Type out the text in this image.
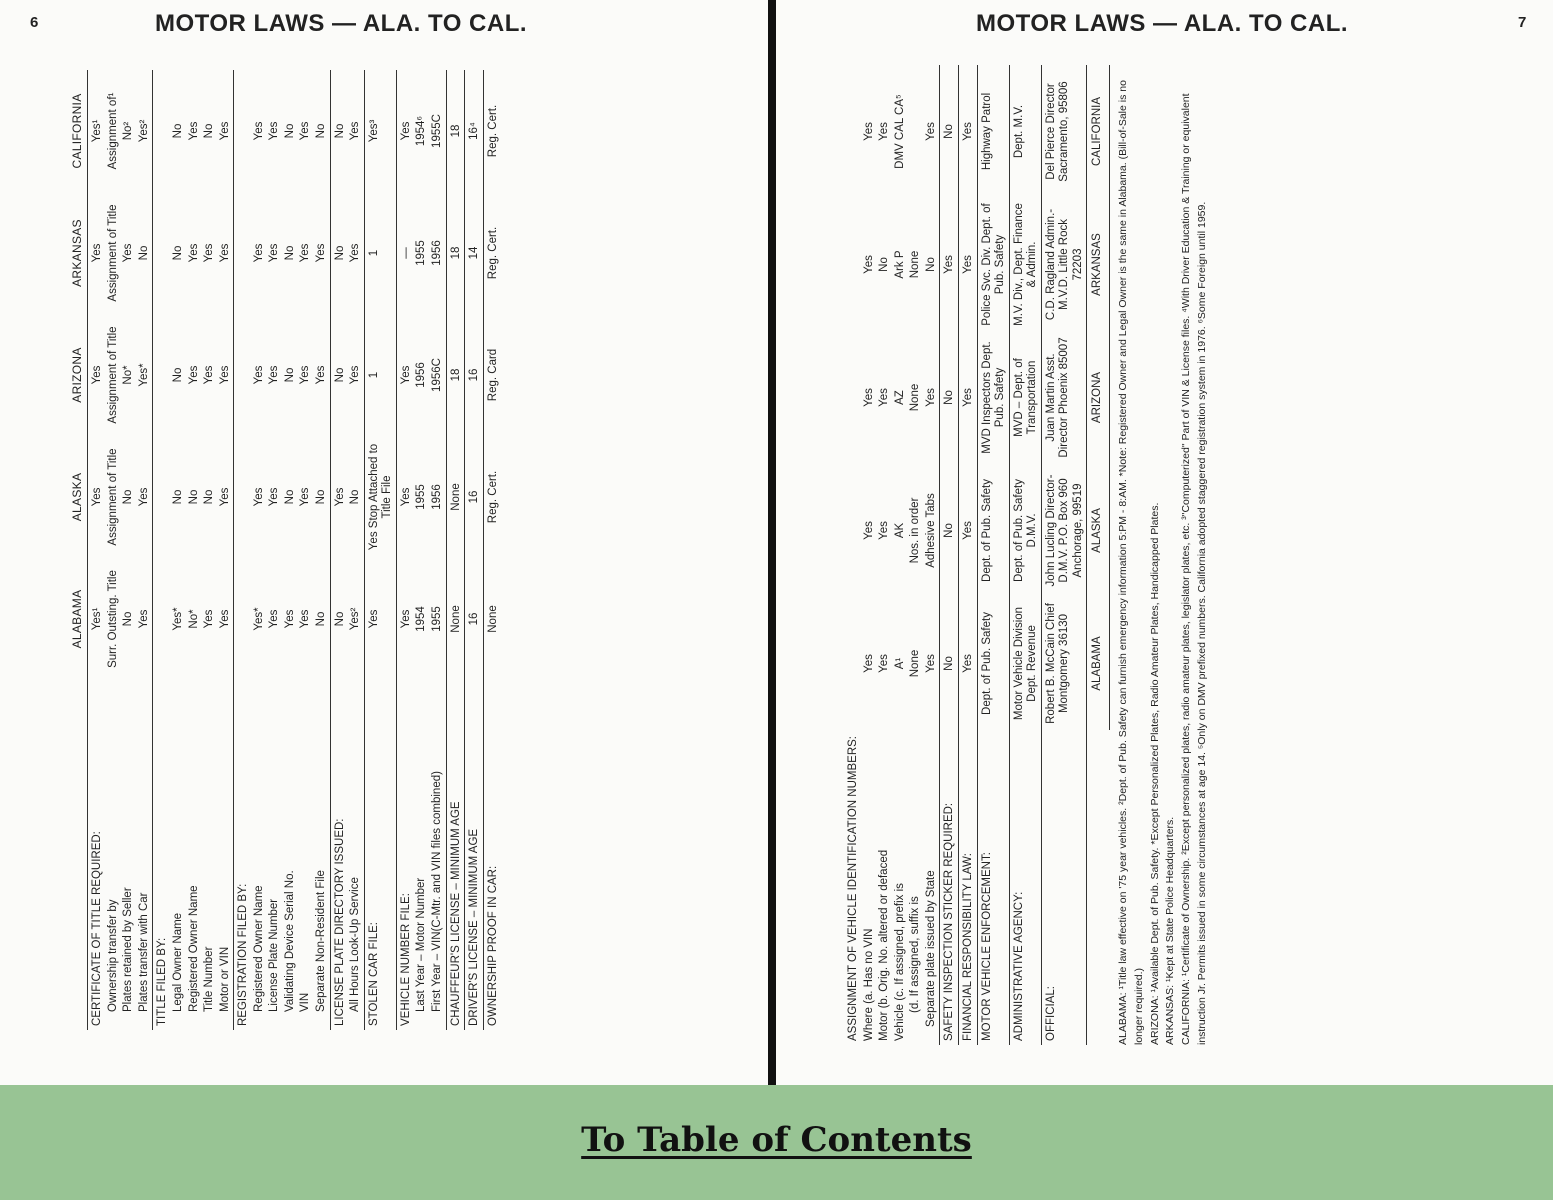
6	MOTOR LAWS — ALA. TO CAL.
	ALABAMA	ALASKA	ARIZONA	ARKANSAS	CALIFORNIA
CERTIFICATE OF TITLE REQUIRED:	Yes¹	Yes	Yes	Yes	Yes¹

Ownership transfer by	Surr. Outsting. Title	Assignment of Title	Assignment of Title	Assignment of Title	Assignment of¹

Plates retained by Seller	No	No	No*	Yes	No²

Plates transfer with Car	Yes	Yes	Yes*	No	Yes²
TITLE FILED BY:					

Legal Owner Name	Yes*	No	No	No	No

Registered Owner Name	No*	No	Yes	Yes	Yes

Title Number	Yes	No	Yes	Yes	No

Motor or VIN	Yes	Yes	Yes	Yes	Yes
REGISTRATION FILED BY:					

Registered Owner Name	Yes*	Yes	Yes	Yes	Yes

License Plate Number	Yes	Yes	Yes	Yes	Yes

Validating Device Serial No.	Yes	No	No	No	No

VIN	Yes	Yes	Yes	Yes	Yes

Separate Non-Resident File	No	No	Yes	Yes	No
LICENSE PLATE DIRECTORY ISSUED:	No	Yes	No	No	No

All Hours Look-Up Service	Yes²	No	Yes	Yes	Yes
STOLEN CAR FILE:	Yes	Yes Stop Attached to Title File	1	1	Yes³
VEHICLE NUMBER FILE:	Yes	Yes	Yes	—	Yes

Last Year – Motor Number	1954	1955	1956	1955	1954⁶

First Year – VIN(C-Mtr. and VIN files combined)	1955	1956	1956C	1956	1955C
CHAUFFEUR'S LICENSE – MINIMUM AGE	None	None	18	18	18
DRIVER'S LICENSE – MINIMUM AGE	16	16	16	14	16⁴
OWNERSHIP PROOF IN CAR:	None	Reg. Cert.	Reg. Card	Reg. Cert.	Reg. Cert.
MOTOR LAWS — ALA. TO CAL.	7
ASSIGNMENT OF VEHICLE IDENTIFICATION NUMBERS:					
Where (a. Has no VIN	Yes	Yes	Yes	Yes	Yes
Motor (b. Orig. No. altered or defaced	Yes	Yes	Yes	No	Yes
Vehicle (c. If assigned, prefix is	A¹	AK	AZ	Ark P	DMV CAL CA⁵

(d. If assigned, suffix is	None	Nos. in order	None	None	

Separate plate issued by State	Yes	Adhesive Tabs	Yes	No	Yes
SAFETY INSPECTION STICKER REQUIRED:	No	No	No	Yes	No
FINANCIAL RESPONSIBILITY LAW:	Yes	Yes	Yes	Yes	Yes
MOTOR VEHICLE ENFORCEMENT:	Dept. of Pub. Safety	Dept. of Pub. Safety	MVD Inspectors Dept. Pub. Safety	Police Svc. Div. Dept. of Pub. Safety	Highway Patrol
ADMINISTRATIVE AGENCY:	Motor Vehicle Division Dept. Revenue	Dept. of Pub. Safety D.M.V.	MVD – Dept. of Transportation	M.V. Div., Dept. Finance & Admin.	Dept. M.V.
OFFICIAL:	Robert B. McCain Chief Montgomery 36130	John Lucling Director-D.M.V. P.O. Box 960 Anchorage, 99519	Juan Martin Asst. Director Phoenix 85007	C.D. Ragland Admin.-M.V.D. Little Rock 72203	Del Pierce Director Sacramento, 95806
	ALABAMA	ALASKA	ARIZONA	ARKANSAS	CALIFORNIA ALABAMA: ¹Title law effective on '75 year vehicles. ²Dept. of Pub. Safety can furnish emergency information 5:PM - 8:AM. *Note: Registered Owner and Legal Owner is the same in Alabama. (Bill-of-Sale is no longer required.) ARIZONA: ¹Available Dept. of Pub. Safety. *Except Personalized Plates, Radio Amateur Plates, Handicapped Plates. ARKANSAS: ¹Kept at State Police Headquarters. CALIFORNIA: ¹Certificate of Ownership. ²Except personalized plates, radio amateur plates, legislator plates, etc. ³"Computerized" Part of VIN & License files. ⁴With Driver Education & Training or equivalent instruction Jr. Permits issued in some circumstances at age 14. ⁵Only on DMV prefixed numbers. California adopted staggered registration system in 1976. ⁶Some Foreign until 1959.
To Table of Contents
